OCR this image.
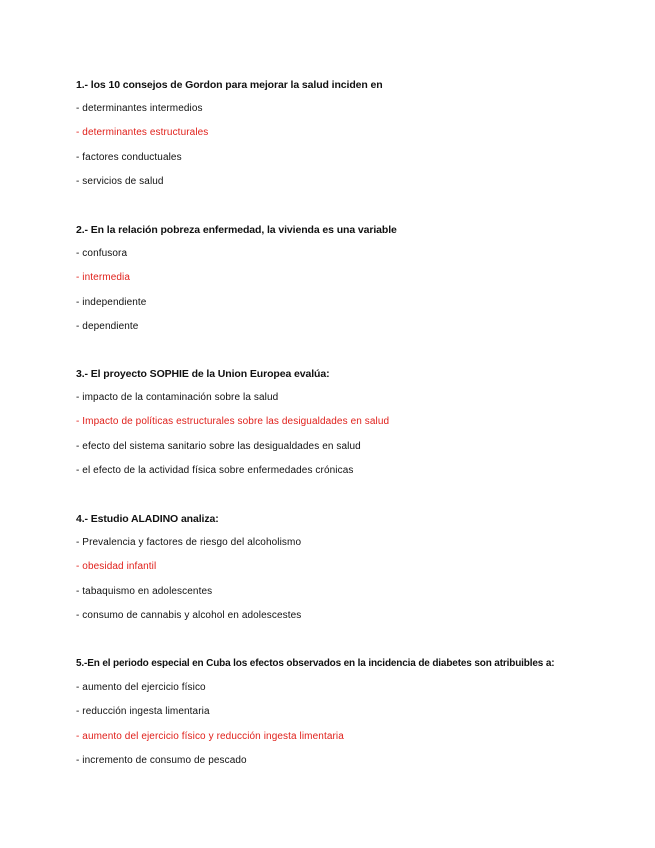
1.- los 10 consejos de Gordon para mejorar la salud inciden en
- determinantes intermedios
- determinantes estructurales
- factores conductuales
- servicios de salud
2.- En la relación pobreza enfermedad, la vivienda es una variable
- confusora
- intermedia
- independiente
- dependiente
3.- El proyecto SOPHIE de la Union Europea evalúa:
- impacto de la contaminación sobre la salud
- Impacto de políticas estructurales sobre las desigualdades en salud
- efecto del sistema sanitario sobre las desigualdades en salud
- el efecto de la actividad física sobre enfermedades crónicas
4.- Estudio ALADINO analiza:
- Prevalencia y factores de riesgo del alcoholismo
- obesidad infantil
- tabaquismo en adolescentes
- consumo de cannabis y alcohol en adolescestes
5.-En el periodo especial en Cuba los efectos observados en la incidencia de diabetes son atribuibles a:
- aumento del ejercicio físico
- reducción ingesta limentaria
- aumento del ejercicio físico y reducción ingesta limentaria
- incremento de consumo de pescado
